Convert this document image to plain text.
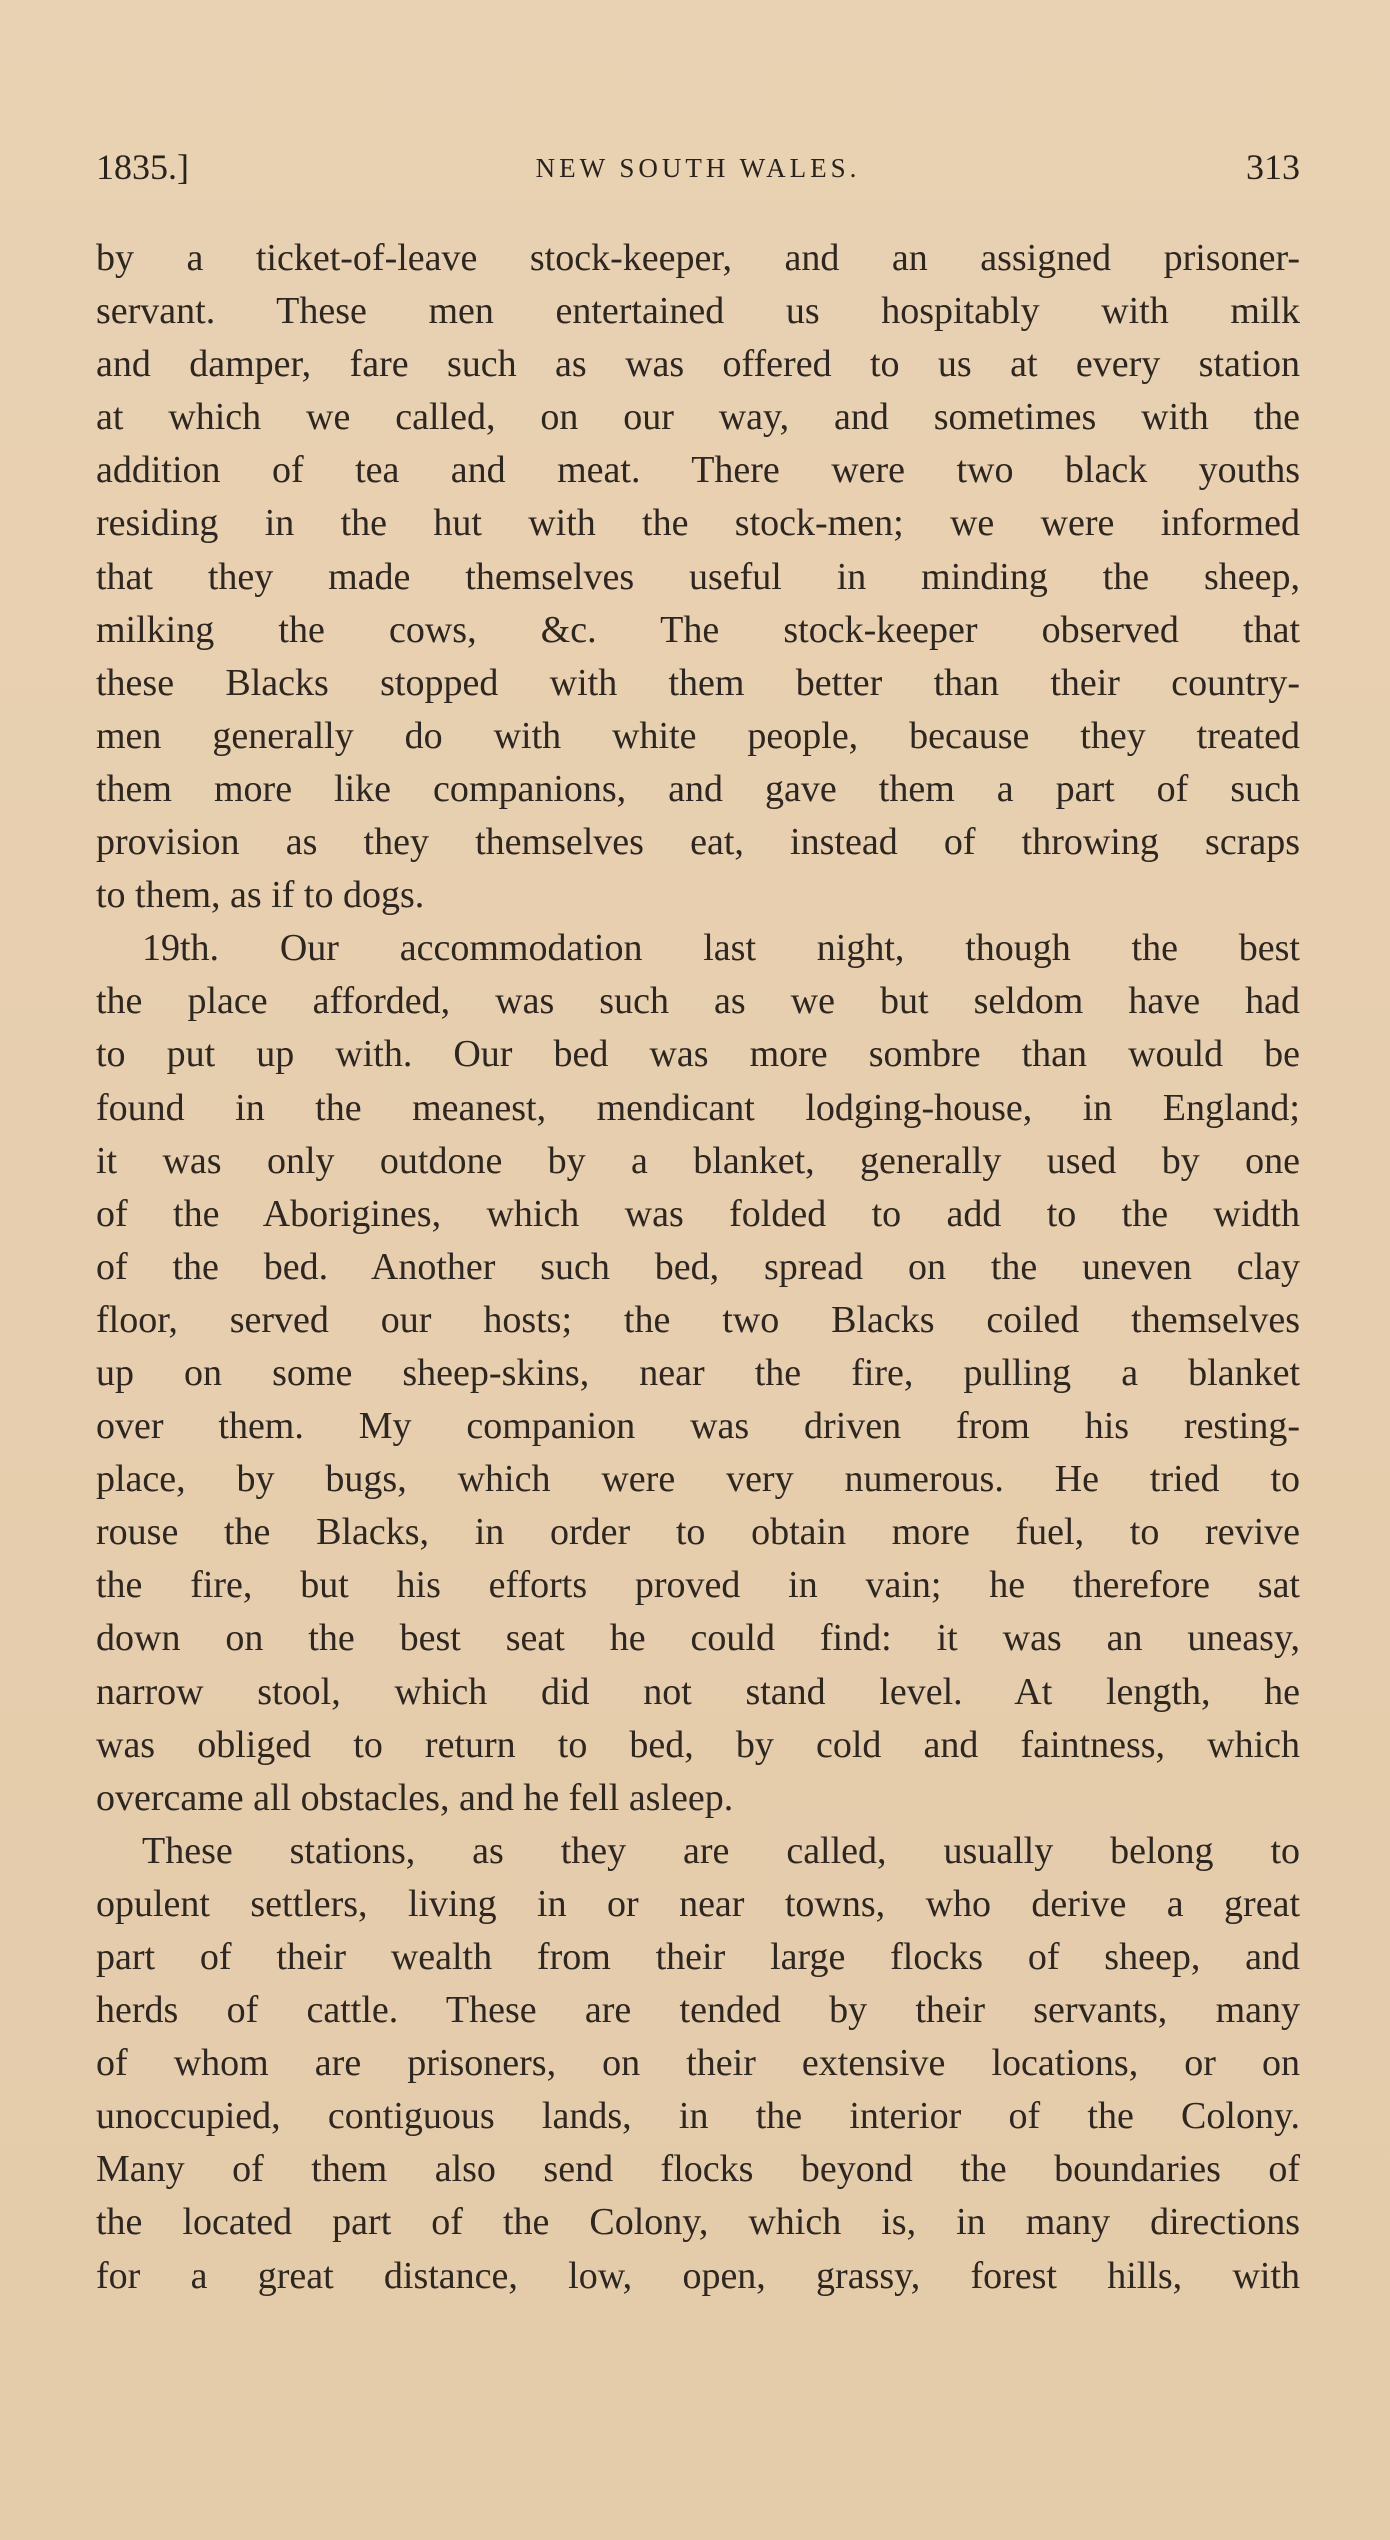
1835.]	NEW SOUTH WALES.	313
by a ticket-of-leave stock-keeper, and an assigned prisoner-
servant. These men entertained us hospitably with milk
and damper, fare such as was offered to us at every station
at which we called, on our way, and sometimes with the
addition of tea and meat. There were two black youths
residing in the hut with the stock-men; we were informed
that they made themselves useful in minding the sheep,
milking the cows, &c. The stock-keeper observed that
these Blacks stopped with them better than their country-
men generally do with white people, because they treated
them more like companions, and gave them a part of such
provision as they themselves eat, instead of throwing scraps
to them, as if to dogs.
19th. Our accommodation last night, though the best
the place afforded, was such as we but seldom have had
to put up with. Our bed was more sombre than would be
found in the meanest, mendicant lodging-house, in England;
it was only outdone by a blanket, generally used by one
of the Aborigines, which was folded to add to the width
of the bed. Another such bed, spread on the uneven clay
floor, served our hosts; the two Blacks coiled themselves
up on some sheep-skins, near the fire, pulling a blanket
over them. My companion was driven from his resting-
place, by bugs, which were very numerous. He tried to
rouse the Blacks, in order to obtain more fuel, to revive
the fire, but his efforts proved in vain; he therefore sat
down on the best seat he could find: it was an uneasy,
narrow stool, which did not stand level. At length, he
was obliged to return to bed, by cold and faintness, which
overcame all obstacles, and he fell asleep.
These stations, as they are called, usually belong to
opulent settlers, living in or near towns, who derive a great
part of their wealth from their large flocks of sheep, and
herds of cattle. These are tended by their servants, many
of whom are prisoners, on their extensive locations, or on
unoccupied, contiguous lands, in the interior of the Colony.
Many of them also send flocks beyond the boundaries of
the located part of the Colony, which is, in many directions
for a great distance, low, open, grassy, forest hills, with
